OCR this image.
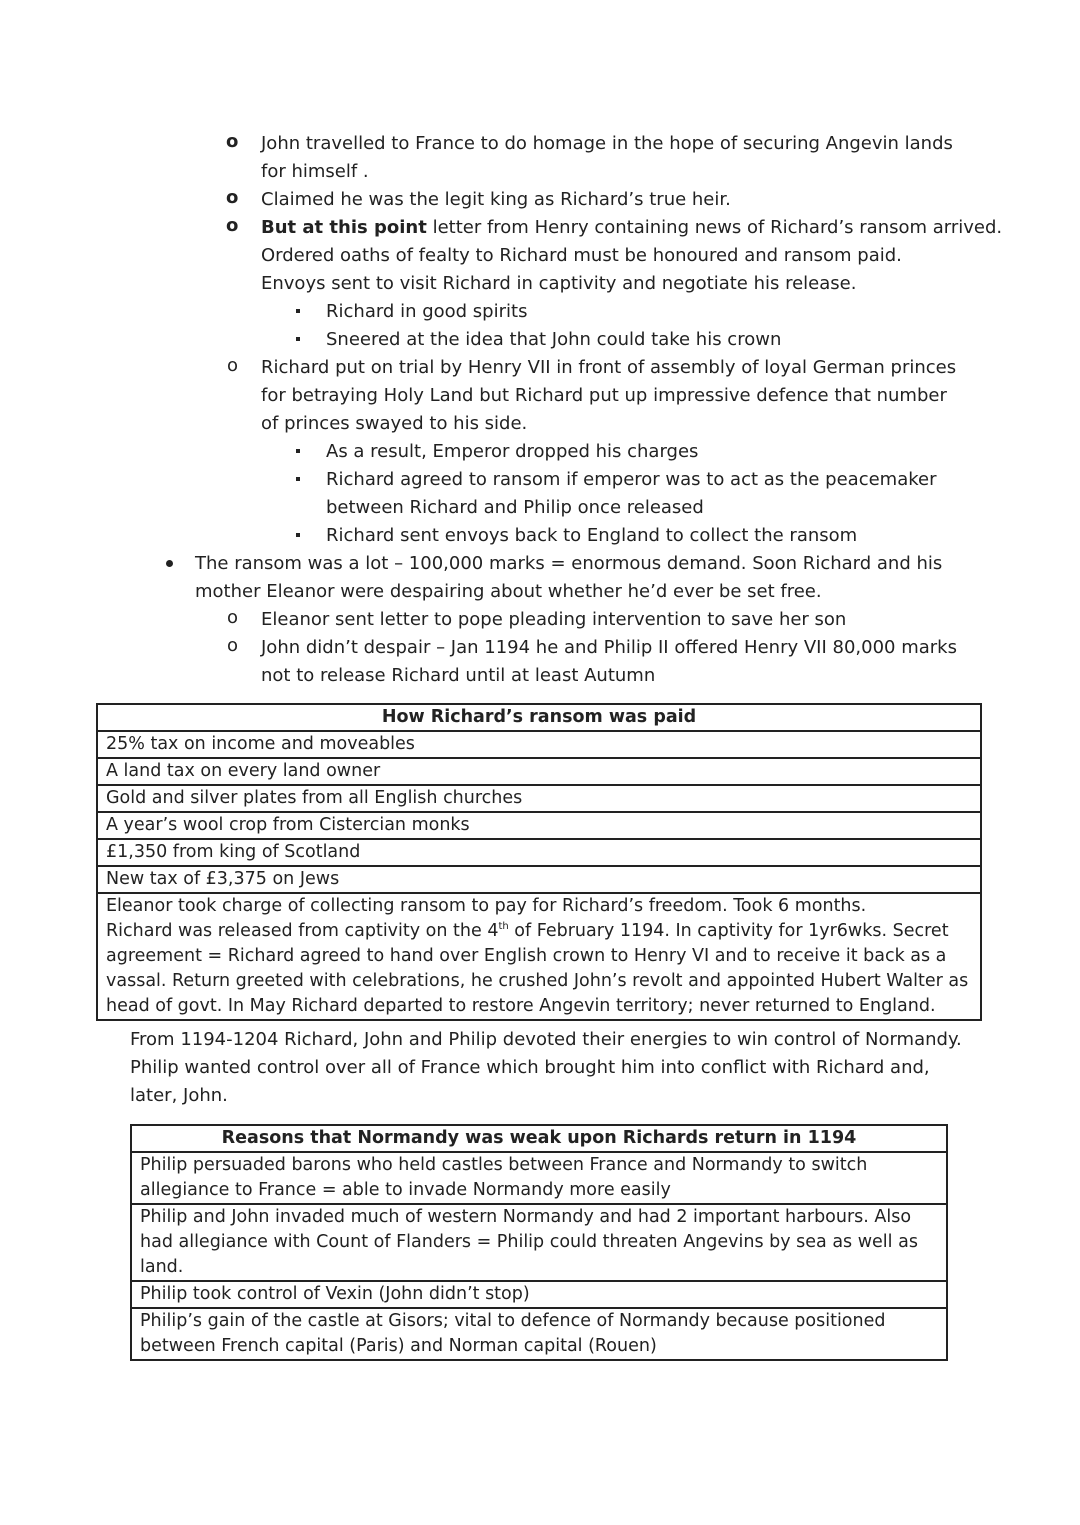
o John travelled to France to do homage in the hope of securing Angevin lands
for himself .
o Claimed he was the legit king as Richard’s true heir.
o But at this point letter from Henry containing news of Richard’s ransom arrived.
Ordered oaths of fealty to Richard must be honoured and ransom paid.
Envoys sent to visit Richard in captivity and negotiate his release.
Richard in good spirits
Sneered at the idea that John could take his crown
o Richard put on trial by Henry VII in front of assembly of loyal German princes
for betraying Holy Land but Richard put up impressive defence that number
of princes swayed to his side.
As a result, Emperor dropped his charges
Richard agreed to ransom if emperor was to act as the peacemaker
between Richard and Philip once released
Richard sent envoys back to England to collect the ransom
The ransom was a lot – 100,000 marks = enormous demand. Soon Richard and his
mother Eleanor were despairing about whether he’d ever be set free.
o Eleanor sent letter to pope pleading intervention to save her son
o John didn’t despair – Jan 1194 he and Philip II offered Henry VII 80,000 marks
not to release Richard until at least Autumn
How Richard’s ransom was paid
25% tax on income and moveables
A land tax on every land owner
Gold and silver plates from all English churches
A year’s wool crop from Cistercian monks
£1,350 from king of Scotland
New tax of £3,375 on Jews

Eleanor took charge of collecting ransom to pay for Richard’s freedom. Took 6 months.
Richard was released from captivity on the 4th of February 1194. In captivity for 1yr6wks. Secret
agreement = Richard agreed to hand over English crown to Henry VI and to receive it back as a
vassal. Return greeted with celebrations, he crushed John’s revolt and appointed Hubert Walter as
head of govt. In May Richard departed to restore Angevin territory; never returned to England.
From 1194-1204 Richard, John and Philip devoted their energies to win control of Normandy.
Philip wanted control over all of France which brought him into conflict with Richard and,
later, John.
Reasons that Normandy was weak upon Richards return in 1194

Philip persuaded barons who held castles between France and Normandy to switch
allegiance to France = able to invade Normandy more easily

Philip and John invaded much of western Normandy and had 2 important harbours. Also
had allegiance with Count of Flanders = Philip could threaten Angevins by sea as well as
land.

Philip took control of Vexin (John didn’t stop)

Philip’s gain of the castle at Gisors; vital to defence of Normandy because positioned
between French capital (Paris) and Norman capital (Rouen)
